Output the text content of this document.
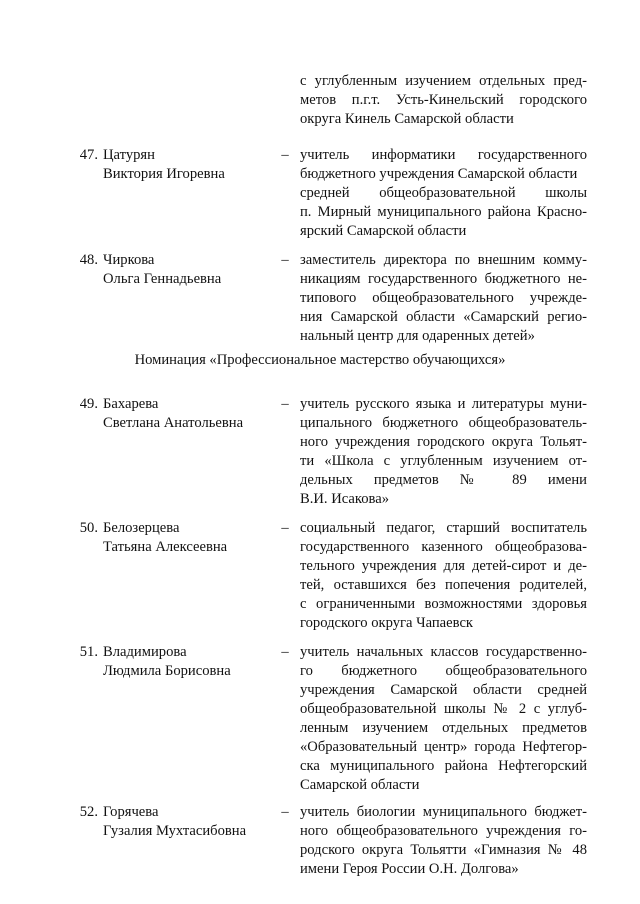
с углубленным изучением отдельных пред-
метов п.г.т. Усть-Кинельский городского
округа Кинель Самарской области
47. Цатурян
Виктория Игоревна
– учитель информатики государственного
бюджетного учреждения Самарской области
средней общеобразовательной школы
п. Мирный муниципального района Красно-
ярский Самарской области
48. Чиркова
Ольга Геннадьевна
– заместитель директора по внешним комму-
никациям государственного бюджетного не-
типового общеобразовательного учрежде-
ния Самарской области «Самарский регио-
нальный центр для одаренных детей»
Номинация «Профессиональное мастерство обучающихся»
49. Бахарева
Светлана Анатольевна
– учитель русского языка и литературы муни-
ципального бюджетного общеобразователь-
ного учреждения городского округа Тольят-
ти «Школа с углубленным изучением от-
дельных предметов № 89 имени
В.И. Исакова»
50. Белозерцева
Татьяна Алексеевна
– социальный педагог, старший воспитатель
государственного казенного общеобразова-
тельного учреждения для детей-сирот и де-
тей, оставшихся без попечения родителей,
с ограниченными возможностями здоровья
городского округа Чапаевск
51. Владимирова
Людмила Борисовна
– учитель начальных классов государственно-
го бюджетного общеобразовательного
учреждения Самарской области средней
общеобразовательной школы № 2 с углуб-
ленным изучением отдельных предметов
«Образовательный центр» города Нефтегор-
ска муниципального района Нефтегорский
Самарской области
52. Горячева
Гузалия Мухтасибовна
– учитель биологии муниципального бюджет-
ного общеобразовательного учреждения го-
родского округа Тольятти «Гимназия № 48
имени Героя России О.Н. Долгова»
